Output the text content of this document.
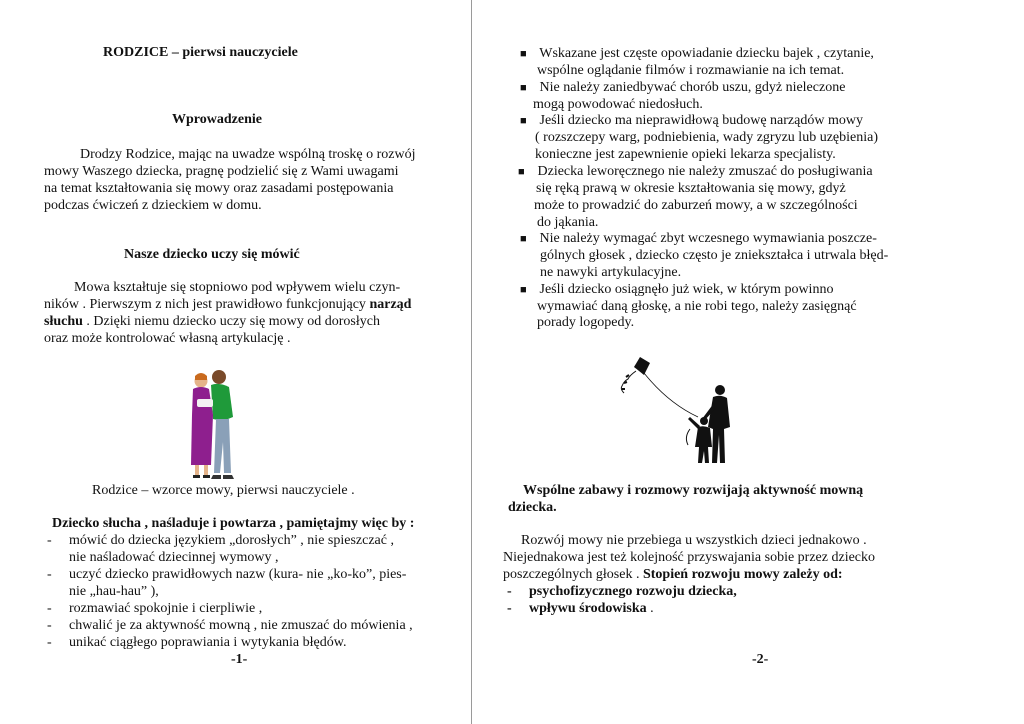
RODZICE – pierwsi nauczyciele
Wprowadzenie
Drodzy Rodzice, mając na uwadze wspólną troskę o rozwój
mowy Waszego dziecka, pragnę podzielić się z Wami uwagami
na temat kształtowania się mowy oraz zasadami postępowania
podczas ćwiczeń z dzieckiem w domu.
Nasze dziecko uczy się mówić
Mowa kształtuje się stopniowo pod wpływem wielu czyn-
ników . Pierwszym z nich jest prawidłowo funkcjonujący narząd
słuchu . Dzięki niemu dziecko uczy się mowy od dorosłych
oraz może kontrolować własną artykulację .
Rodzice – wzorce mowy, pierwsi nauczyciele .
Dziecko słucha , naśladuje i powtarza , pamiętajmy więc by :
- mówić do dziecka językiem „dorosłych” , nie spieszczać ,
nie naśladować dziecinnej wymowy ,
- uczyć dziecko prawidłowych nazw (kura- nie „ko-ko”, pies-
nie „hau-hau” ),
- rozmawiać spokojnie i cierpliwie ,
- chwalić je za aktywność mowną , nie zmuszać do mówienia ,
- unikać ciągłego poprawiania i wytykania błędów.
-1-
■ Wskazane jest częste opowiadanie dziecku bajek , czytanie,
wspólne oglądanie filmów i rozmawianie na ich temat.
■ Nie należy zaniedbywać chorób uszu, gdyż nieleczone
mogą powodować niedosłuch.
■ Jeśli dziecko ma nieprawidłową budowę narządów mowy
( rozszczepy warg, podniebienia, wady zgryzu lub uzębienia)
konieczne jest zapewnienie opieki lekarza specjalisty.
■ Dziecka leworęcznego nie należy zmuszać do posługiwania
się ręką prawą w okresie kształtowania się mowy, gdyż
może to prowadzić do zaburzeń mowy, a w szczególności
do jąkania.
■ Nie należy wymagać zbyt wczesnego wymawiania poszcze-
gólnych głosek , dziecko często je zniekształca i utrwala błęd-
ne nawyki artykulacyjne.
■ Jeśli dziecko osiągnęło już wiek, w którym powinno
wymawiać daną głoskę, a nie robi tego, należy zasięgnąć
porady logopedy.
Wspólne zabawy i rozmowy rozwijają aktywność mowną
dziecka.
Rozwój mowy nie przebiega u wszystkich dzieci jednakowo .
Niejednakowa jest też kolejność przyswajania sobie przez dziecko
poszczególnych głosek . Stopień rozwoju mowy zależy od:
- psychofizycznego rozwoju dziecka,
- wpływu środowiska .
-2-
